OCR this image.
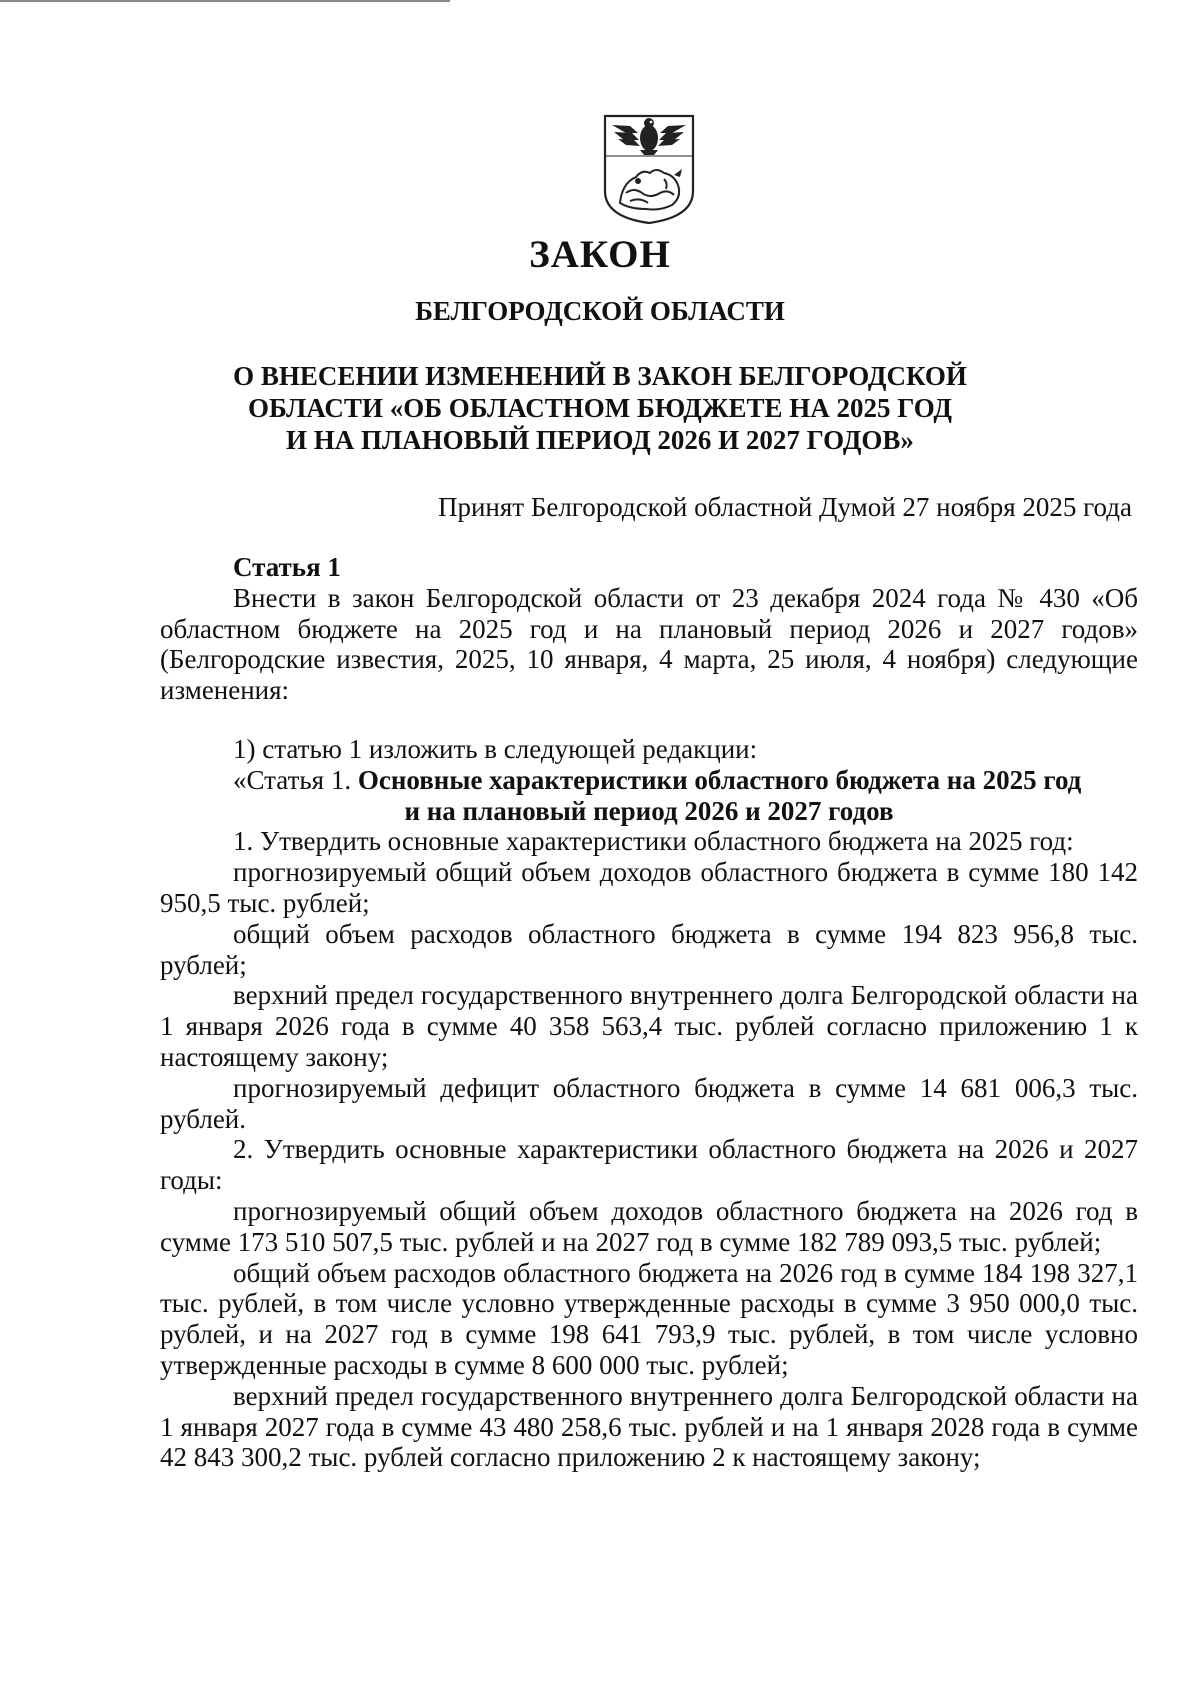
ЗАКОН
БЕЛГОРОДСКОЙ ОБЛАСТИ
О ВНЕСЕНИИ ИЗМЕНЕНИЙ В ЗАКОН БЕЛГОРОДСКОЙ
ОБЛАСТИ «ОБ ОБЛАСТНОМ БЮДЖЕТЕ НА 2025 ГОД
И НА ПЛАНОВЫЙ ПЕРИОД 2026 И 2027 ГОДОВ»
Принят Белгородской областной Думой 27 ноября 2025 года

Статья 1

Внести в закон Белгородской области от 23 декабря 2024 года № 430 «Об областном бюджете на 2025 год и на плановый период 2026 и 2027 годов» (Белгородские известия, 2025, 10 января, 4 марта, 25 июля, 4 ноября) следующие изменения:

1) статью 1 изложить в следующей редакции:

«Статья 1. Основные характеристики областного бюджета на 2025 год

и на плановый период 2026 и 2027 годов

1. Утвердить основные характеристики областного бюджета на 2025 год:

прогнозируемый общий объем доходов областного бюджета в сумме 180 142 950,5 тыс. рублей;

общий объем расходов областного бюджета в сумме 194 823 956,8 тыс. рублей;

верхний предел государственного внутреннего долга Белгородской области на 1 января 2026 года в сумме 40 358 563,4 тыс. рублей согласно приложению 1 к настоящему закону;

прогнозируемый дефицит областного бюджета в сумме 14 681 006,3 тыс. рублей.

2. Утвердить основные характеристики областного бюджета на 2026 и 2027 годы:

прогнозируемый общий объем доходов областного бюджета на 2026 год в сумме 173 510 507,5 тыс. рублей и на 2027 год в сумме 182 789 093,5 тыс. рублей;

общий объем расходов областного бюджета на 2026 год в сумме 184 198 327,1 тыс. рублей, в том числе условно утвержденные расходы в сумме 3 950 000,0 тыс. рублей, и на 2027 год в сумме 198 641 793,9 тыс. рублей, в том числе условно утвержденные расходы в сумме 8 600 000 тыс. рублей;

верхний предел государственного внутреннего долга Белгородской области на 1 января 2027 года в сумме 43 480 258,6 тыс. рублей и на 1 января 2028 года в сумме 42 843 300,2 тыс. рублей согласно приложению 2 к настоящему закону;
